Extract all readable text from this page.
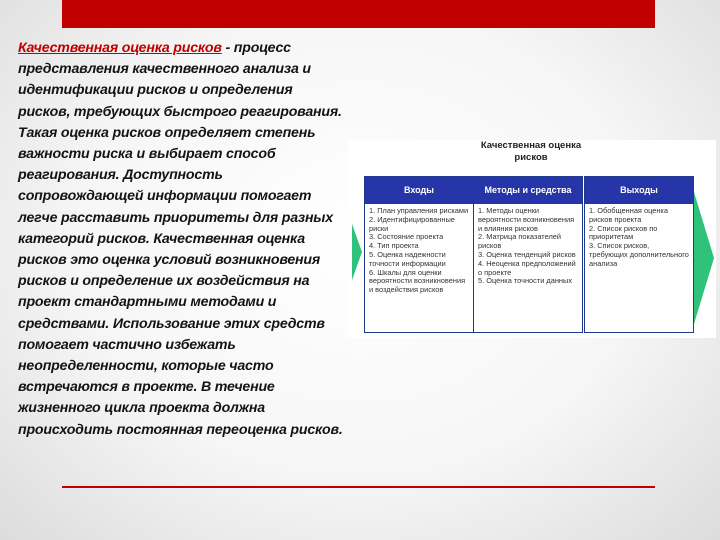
Качественная оценка рисков - процесс представления качественного анализа и идентификации рисков и определения рисков, требующих быстрого реагирования. Такая оценка рисков определяет степень важности риска и выбирает способ реагирования. Доступность сопровождающей информации помогает легче расставить приоритеты для разных категорий рисков. Качественная оценка рисков это оценка условий возникновения рисков и определение их воздействия на проект стандартными методами и средствами. Использование этих средств помогает частично избежать неопределенности, которые часто встречаются в проекте. В течение жизненного цикла проекта должна происходить постоянная переоценка рисков.
Качественная оценка рисков
Входы
1. План управления рисками
2. Идентифицированные риски
3. Состояние проекта
4. Тип проекта
5. Оценка надежности точности информации
6. Шкалы для оценки вероятности возникновения и воздействия рисков
Методы и средства
1. Методы оценки вероятности возникновения и влияния рисков
2. Матрица показателей рисков
3. Оценка тенденций рисков
4. Неоценка предположений о проекте
5. Оценка точности данных
Выходы
1. Обобщенная оценка рисков проекта
2. Список рисков по приоритетам
3. Список рисков, требующих дополнительного анализа
